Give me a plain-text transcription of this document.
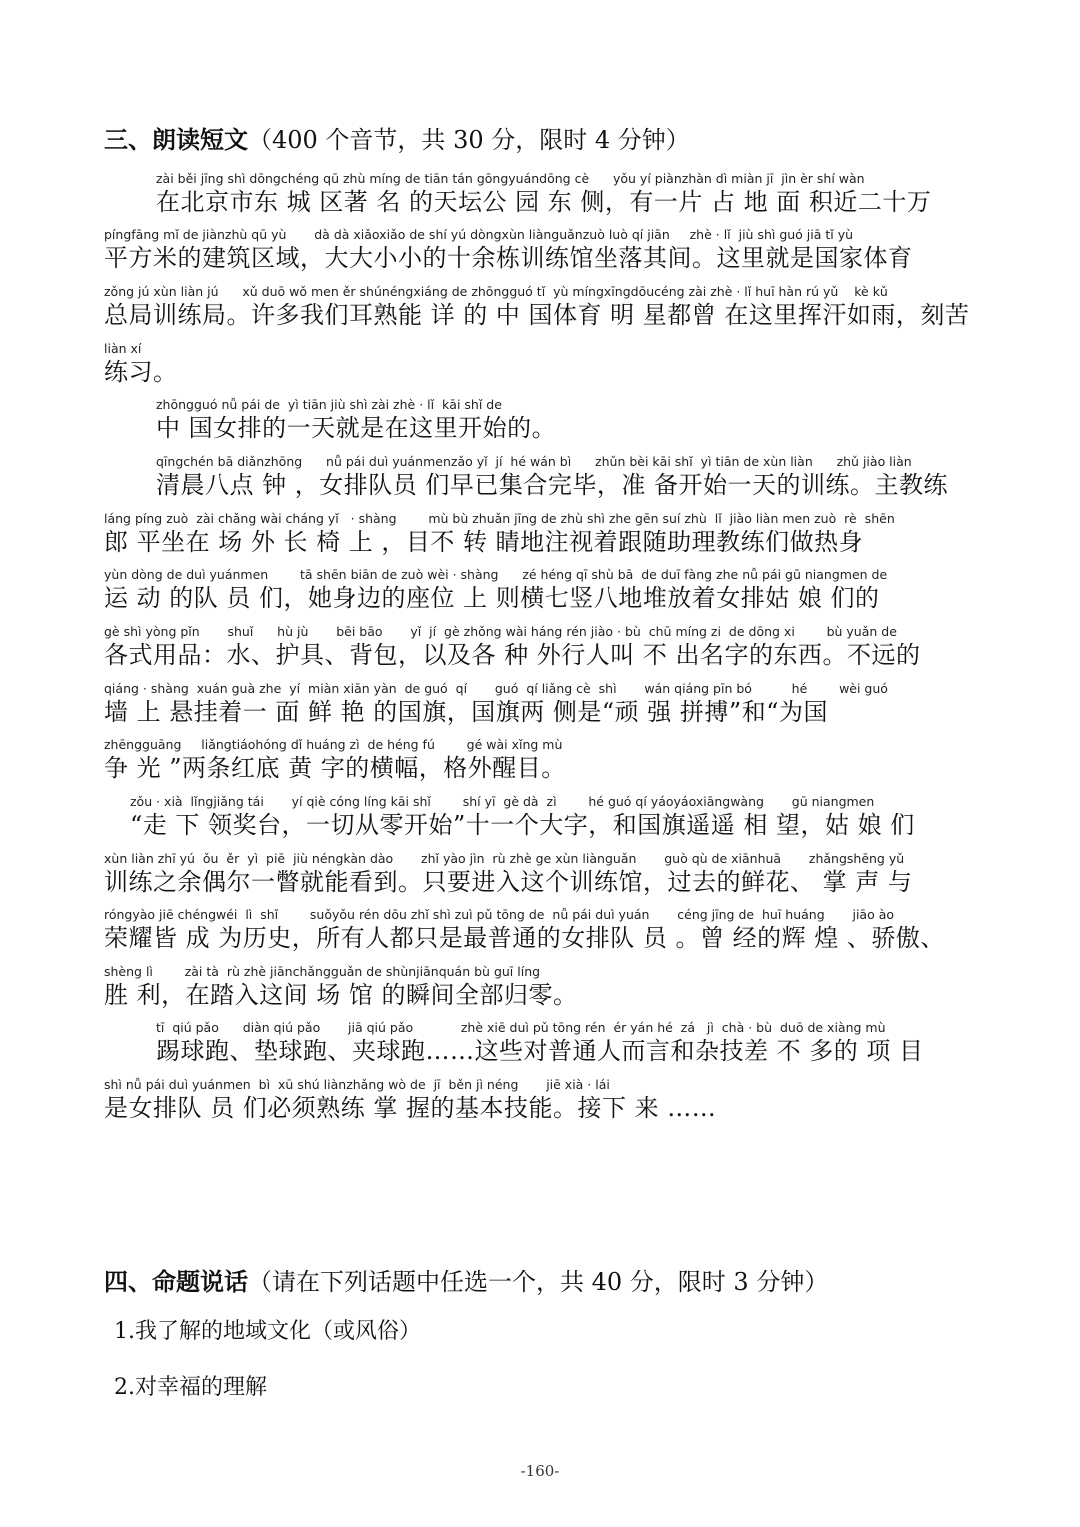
三、朗读短文（400 个音节，共 30 分，限时 4 分钟）
zài běi jīng shì dōngchéng qū zhù míng de tiān tán gōngyuándōng cè      yǒu yí piànzhàn dì miàn jī  jìn èr shí wàn
在北京市东 城 区著 名 的天坛公 园 东 侧，有一片 占 地 面 积近二十万
píngfāng mǐ de jiànzhù qū yù       dà dà xiǎoxiǎo de shí yú dòngxùn liànguǎnzuò luò qí jiān     zhè · lǐ  jiù shì guó jiā tǐ yù
平方米的建筑区域，大大小小的十余栋训练馆坐落其间。这里就是国家体育
zǒng jú xùn liàn jú      xǔ duō wǒ men ěr shúnéngxiáng de zhōngguó tǐ  yù míngxīngdōucéng zài zhè · lǐ huī hàn rú yǔ    kè kǔ
总局训练局。许多我们耳熟能 详 的 中 国体育 明 星都曾 在这里挥汗如雨，刻苦
liàn xí
练习。
zhōngguó nǚ pái de  yì tiān jiù shì zài zhè · lǐ  kāi shǐ de
中 国女排的一天就是在这里开始的。
qīngchén bā diǎnzhōng      nǚ pái duì yuánmenzǎo yǐ  jí  hé wán bì      zhǔn bèi kāi shǐ  yì tiān de xùn liàn      zhǔ jiào liàn
清晨八点 钟 ，女排队员 们早已集合完毕，准 备开始一天的训练。主教练
láng píng zuò  zài chǎng wài cháng yǐ   · shàng        mù bù zhuǎn jīng de zhù shì zhe gēn suí zhù  lǐ  jiào liàn men zuò  rè  shēn
郎 平坐在 场 外 长 椅 上 ，目不 转 睛地注视着跟随助理教练们做热身
yùn dòng de duì yuánmen        tā shēn biān de zuò wèi · shàng      zé héng qī shù bā  de duī fàng zhe nǚ pái gū niangmen de
运 动 的队 员 们，她身边的座位 上 则横七竖八地堆放着女排姑 娘 们的
gè shì yòng pǐn       shuǐ      hù jù       bēi bāo       yǐ  jí  gè zhǒng wài háng rén jiào · bù  chū míng zi  de dōng xi        bù yuǎn de
各式用品：水、护具、背包，以及各 种 外行人叫 不 出名字的东西。不远的
qiáng · shàng  xuán guà zhe  yí  miàn xiān yàn  de guó  qí       guó  qí liǎng cè  shì       wán qiáng pīn bó          hé        wèi guó
墙 上 悬挂着一 面 鲜 艳 的国旗，国旗两 侧是“顽 强 拼搏”和“为国
zhēngguāng     liǎngtiáohóng dǐ huáng zì  de héng fú        gé wài xǐng mù
争 光 ”两条红底 黄 字的横幅，格外醒目。
zǒu · xià  lǐngjiǎng tái       yí qiè cóng líng kāi shǐ        shí yī  gè dà  zì        hé guó qí yáoyáoxiāngwàng       gū niangmen
“走 下 领奖台，一切从零开始”十一个大字，和国旗遥遥 相 望，姑 娘 们
xùn liàn zhī yú  ǒu  ěr  yì  piē  jiù néngkàn dào       zhǐ yào jìn  rù zhè ge xùn liànguǎn       guò qù de xiānhuā       zhǎngshēng yǔ
训练之余偶尔一瞥就能看到。只要进入这个训练馆，过去的鲜花、 掌 声 与
róngyào jiē chéngwéi  lì  shǐ        suǒyǒu rén dōu zhǐ shì zuì pǔ tōng de  nǚ pái duì yuán       céng jīng de  huī huáng       jiāo ào
荣耀皆 成 为历史，所有人都只是最普通的女排队 员 。曾 经的辉 煌 、骄傲、
shèng lì        zài tà  rù zhè jiānchǎngguǎn de shùnjiānquán bù guī líng
胜 利，在踏入这间 场 馆 的瞬间全部归零。
tī  qiú pǎo      diàn qiú pǎo       jiā qiú pǎo            zhè xiē duì pǔ tōng rén  ér yán hé  zá   jì  chà · bù  duō de xiàng mù
踢球跑、垫球跑、夹球跑……这些对普通人而言和杂技差 不 多的 项 目
shì nǚ pái duì yuánmen  bì  xū shú liànzhǎng wò de  jī  běn jì néng       jiē xià · lái
是女排队 员 们必须熟练 掌 握的基本技能。接下 来 ……
四、命题说话（请在下列话题中任选一个，共 40 分，限时 3 分钟）
1.我了解的地域文化（或风俗）
2.对幸福的理解
-160-
